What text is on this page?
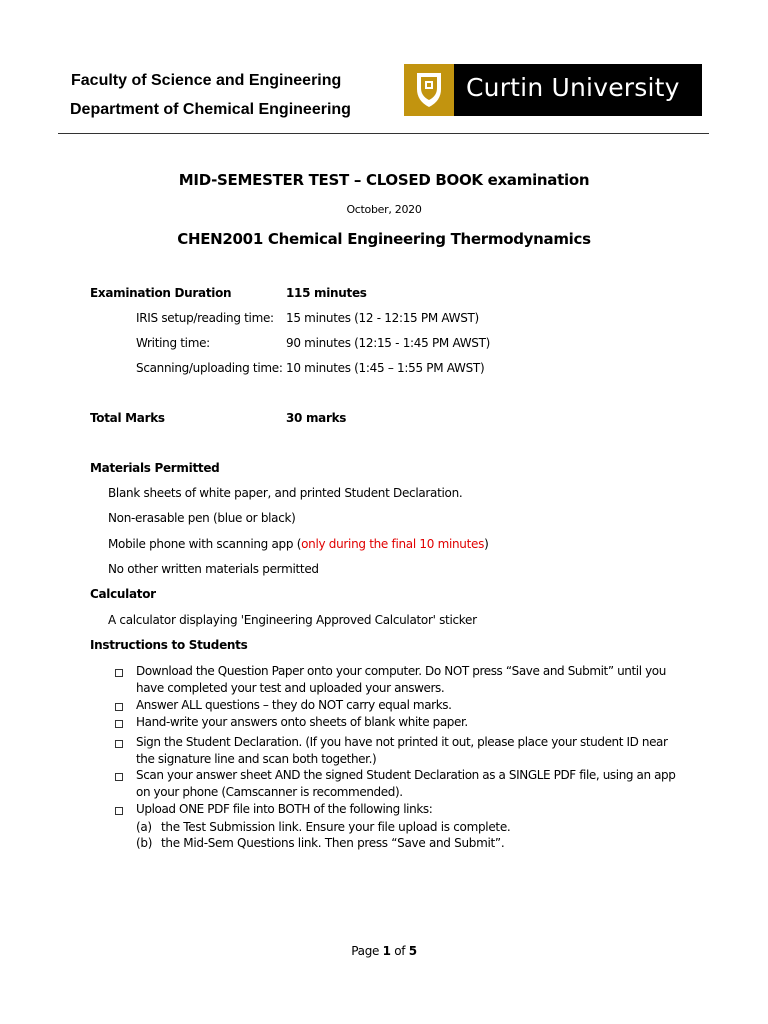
Faculty of Science and Engineering
Department of Chemical Engineering
Curtin University
MID-SEMESTER TEST – CLOSED BOOK examination
October, 2020
CHEN2001 Chemical Engineering Thermodynamics
Examination Duration	115 minutes
IRIS setup/reading time: 15 minutes (12 - 12:15 PM AWST)
Writing time:	90 minutes (12:15 - 1:45 PM AWST)
Scanning/uploading time: 10 minutes (1:45 – 1:55 PM AWST)
Total Marks	30 marks
Materials Permitted
Blank sheets of white paper, and printed Student Declaration.
Non-erasable pen (blue or black)
Mobile phone with scanning app (only during the final 10 minutes)
No other written materials permitted
Calculator
A calculator displaying 'Engineering Approved Calculator' sticker
Instructions to Students
Download the Question Paper onto your computer. Do NOT press “Save and Submit” until you have completed your test and uploaded your answers.
Answer ALL questions – they do NOT carry equal marks.
Hand-write your answers onto sheets of blank white paper.
Sign the Student Declaration. (If you have not printed it out, please place your student ID near the signature line and scan both together.)
Scan your answer sheet AND the signed Student Declaration as a SINGLE PDF file, using an app on your phone (Camscanner is recommended).
Upload ONE PDF file into BOTH of the following links:
(a) the Test Submission link. Ensure your file upload is complete.
(b) the Mid-Sem Questions link. Then press “Save and Submit”.
Page 1 of 5
